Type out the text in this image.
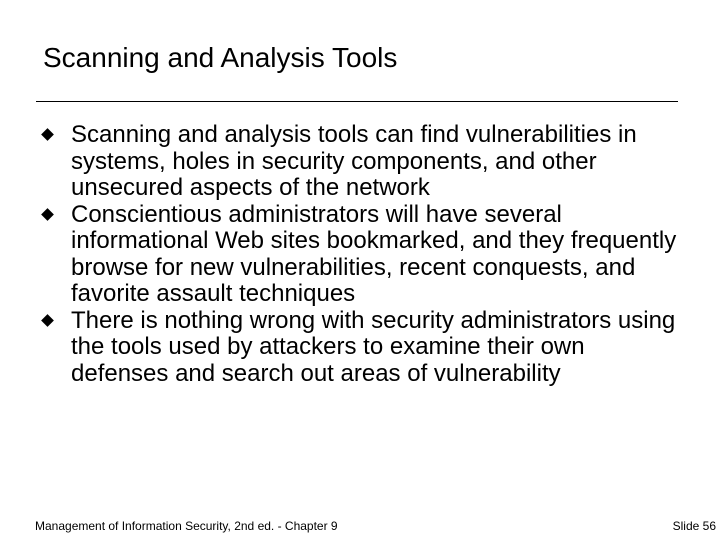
Scanning and Analysis Tools
Scanning and analysis tools can find vulnerabilities in systems, holes in security components, and other unsecured aspects of the network
Conscientious administrators will have several informational Web sites bookmarked, and they frequently browse for new vulnerabilities, recent conquests, and favorite assault techniques
There is nothing wrong with security administrators using the tools used by attackers to examine their own defenses and search out areas of vulnerability
Management of Information Security, 2nd ed. - Chapter 9	Slide 56
